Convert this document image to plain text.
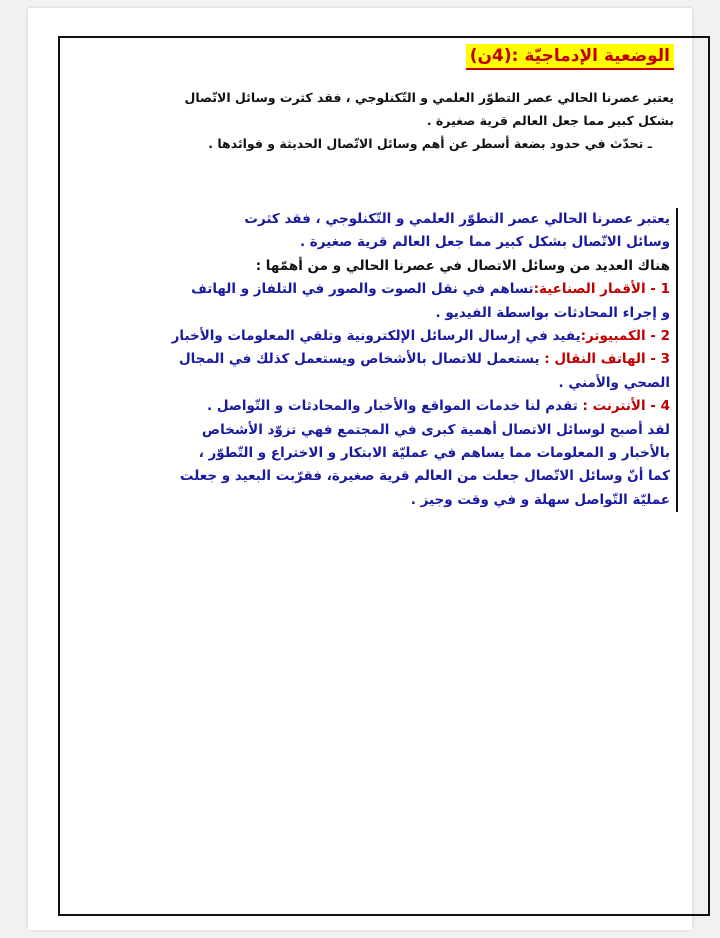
الوضعية الإدماجيّة :(4ن)

يعتبر عصرنا الحالي عصر التطوّر العلمي و التّكنلوجي ، فقد كثرت وسائل الاتّصال

بشكل كبير مما جعل العالم قرية صغيرة .

ـ تحدّث في حدود بضعة أسطر عن أهم وسائل الاتّصال الحديثة و فوائدها .

يعتبر عصرنا الحالي عصر التطوّر العلمي و التّكنلوجي ، فقد كثرت

وسائل الاتّصال بشكل كبير مما جعل العالم قرية صغيرة .

هناك العديد من وسائل الاتصال في عصرنا الحالي و من أهمّها :

1 - الأقمار الصناعية:تساهم في نقل الصوت والصور في التلفاز و الهاتف

و إجراء المحادثات بواسطة الفيديو .

2 - الكمبيوتر:يفيد في إرسال الرسائل الإلكترونية وتلقي المعلومات والأخبار

3 - الهاتف النقال : يستعمل للاتصال بالأشخاص ويستعمل كذلك في المجال

الصحي والأمني .

4 - الأنترنت : تقدم لنا خدمات المواقع والأخبار والمحادثات و التّواصل .

لقد أصبح لوسائل الاتصال أهمية كبرى في المجتمع فهي تزوّد الأشخاص

بالأخبار و المعلومات مما يساهم في عمليّة الابتكار و الاختراع و التّطوّر ،

كما أنّ وسائل الاتّصال جعلت من العالم قرية صغيرة، فقرّبت البعيد و جعلت

عمليّة التّواصل سهلة و في وقت وجيز .
